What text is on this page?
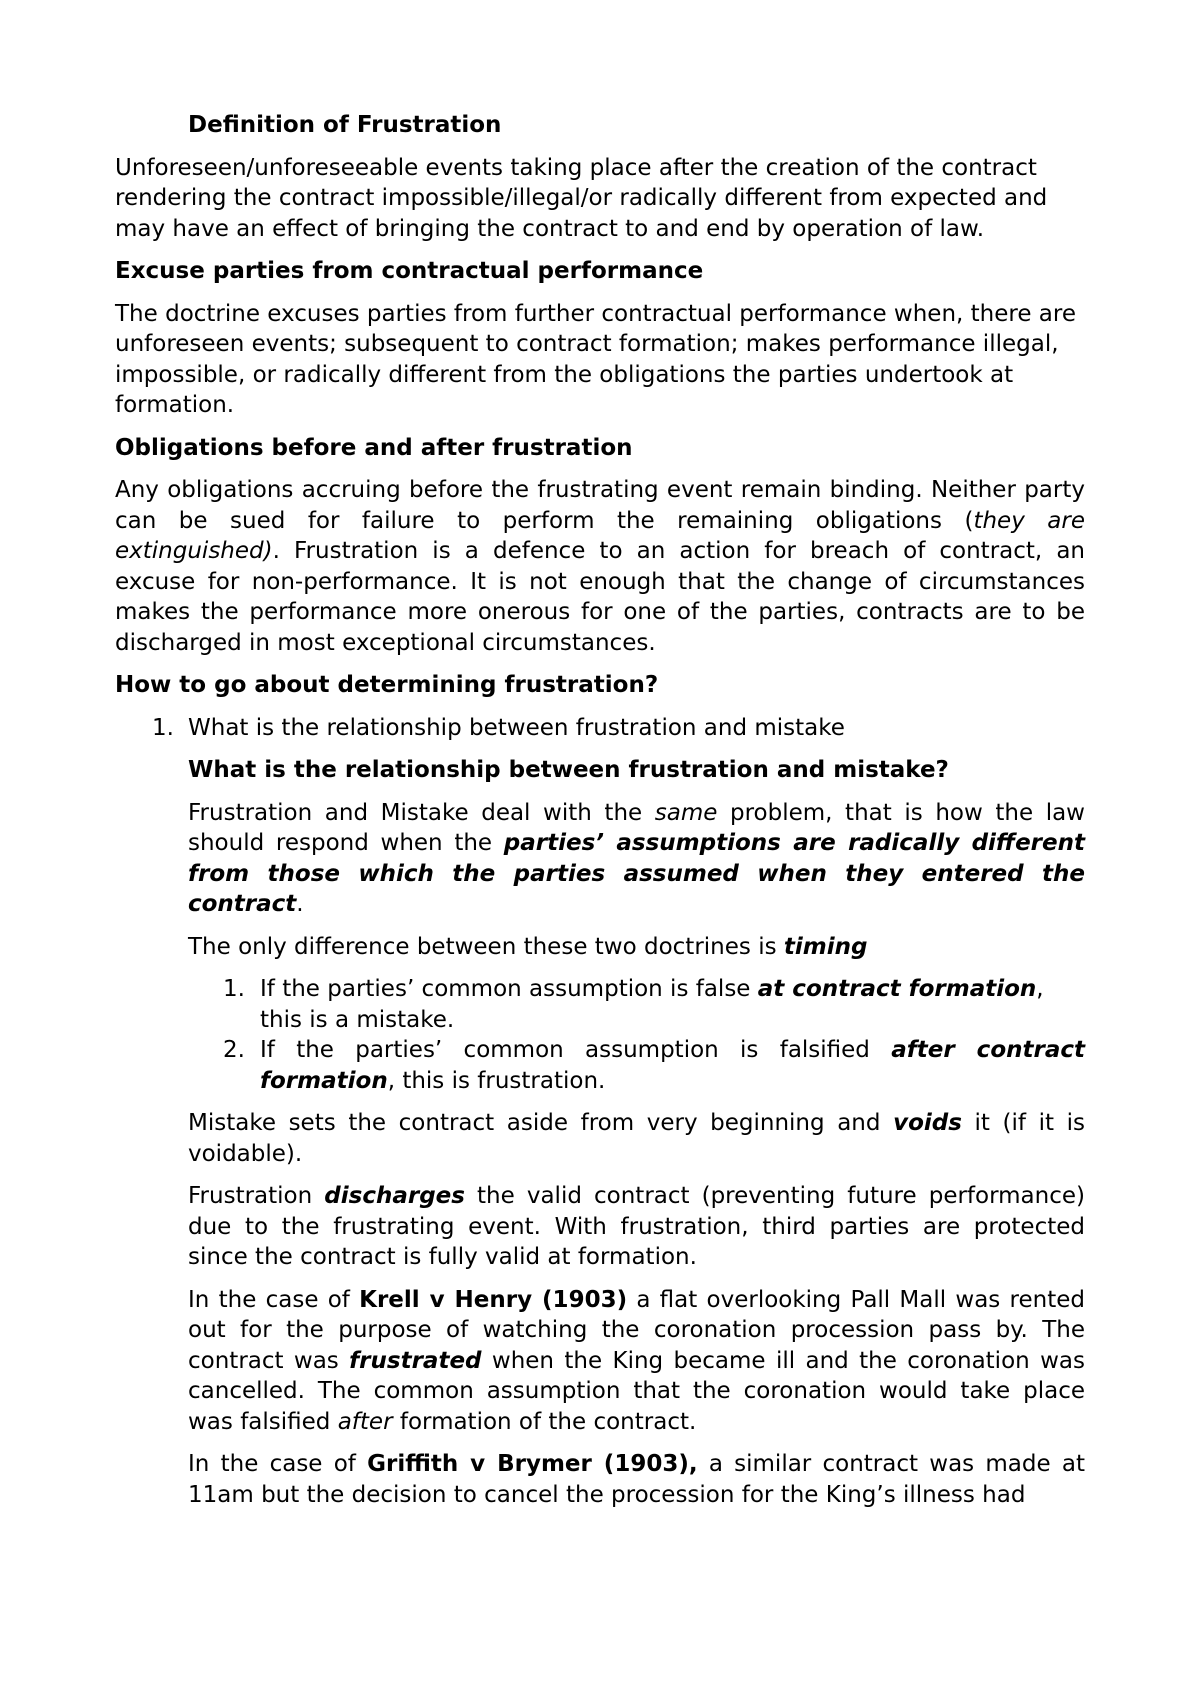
Definition of Frustration

Unforeseen/unforeseeable events taking place after the creation of the contract rendering the contract impossible/illegal/or radically different from expected and may have an effect of bringing the contract to and end by operation of law.

Excuse parties from contractual performance

The doctrine excuses parties from further contractual performance when, there are unforeseen events; subsequent to contract formation; makes performance illegal, impossible, or radically different from the obligations the parties undertook at formation.

Obligations before and after frustration

Any obligations accruing before the frustrating event remain binding. Neither party can be sued for failure to perform the remaining obligations (they are extinguished). Frustration is a defence to an action for breach of contract, an excuse for non-performance. It is not enough that the change of circumstances makes the performance more onerous for one of the parties, contracts are to be discharged in most exceptional circumstances.

How to go about determining frustration?
1. What is the relationship between frustration and mistake
What is the relationship between frustration and mistake?

Frustration and Mistake deal with the same problem, that is how the law should respond when the parties’ assumptions are radically different from those which the parties assumed when they entered the contract.

The only difference between these two doctrines is timing

1. If the parties’ common assumption is false at contract formation, this is a mistake.
2. If the parties’ common assumption is falsified after contract formation, this is frustration.

Mistake sets the contract aside from very beginning and voids it (if it is voidable).

Frustration discharges the valid contract (preventing future performance) due to the frustrating event. With frustration, third parties are protected since the contract is fully valid at formation.

In the case of Krell v Henry (1903) a flat overlooking Pall Mall was rented out for the purpose of watching the coronation procession pass by. The contract was frustrated when the King became ill and the coronation was cancelled. The common assumption that the coronation would take place was falsified after formation of the contract.

In the case of Griffith v Brymer (1903), a similar contract was made at 11am but the decision to cancel the procession for the King’s illness had
